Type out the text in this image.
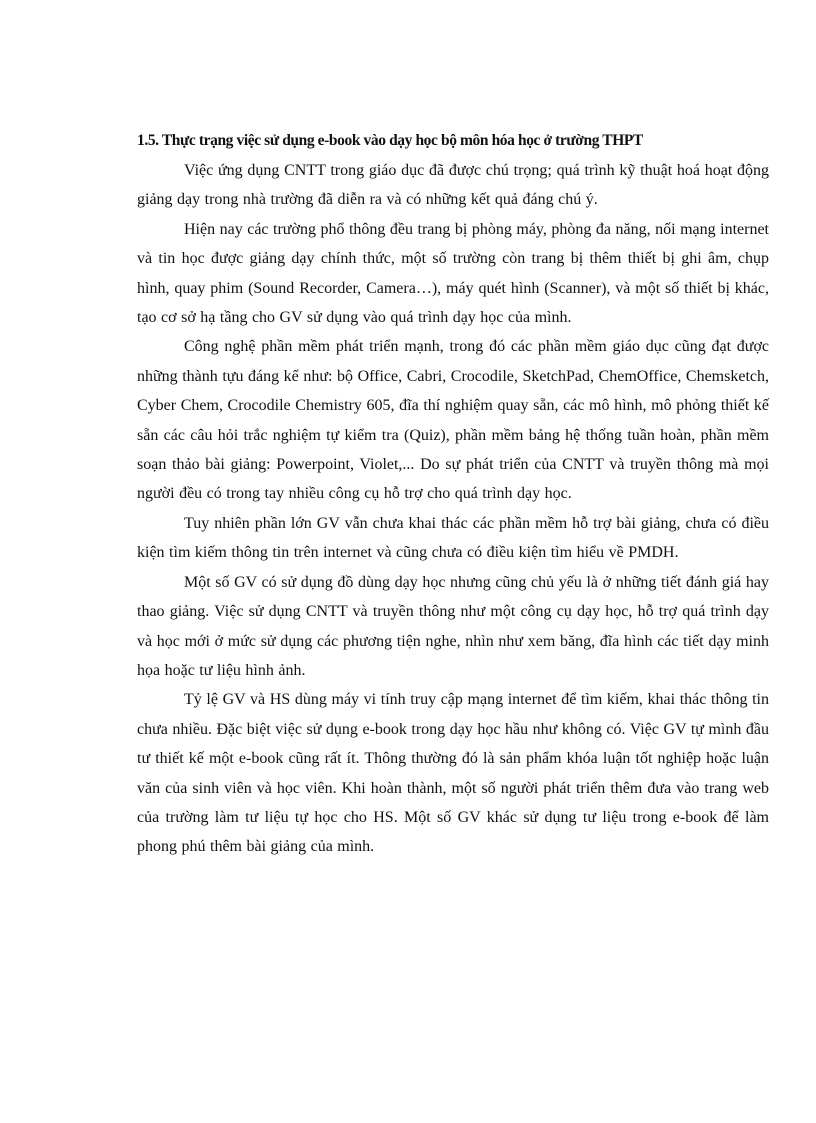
1.5. Thực trạng việc sử dụng e-book vào dạy học bộ môn hóa học ở trường THPT

Việc ứng dụng CNTT trong giáo dục đã được chú trọng; quá trình kỹ thuật hoá hoạt động giảng dạy trong nhà trường đã diễn ra và có những kết quả đáng chú ý.

Hiện nay các trường phổ thông đều trang bị phòng máy, phòng đa năng, nối mạng internet và tin học được giảng dạy chính thức, một số trường còn trang bị thêm thiết bị ghi âm, chụp hình, quay phim (Sound Recorder, Camera…), máy quét hình (Scanner), và một số thiết bị khác, tạo cơ sở hạ tầng cho GV sử dụng vào quá trình dạy học của mình.

Công nghệ phần mềm phát triển mạnh, trong đó các phần mềm giáo dục cũng đạt được những thành tựu đáng kể như: bộ Office, Cabri, Crocodile, SketchPad, ChemOffice, Chemsketch, Cyber Chem, Crocodile Chemistry 605, đĩa thí nghiệm quay sẵn, các mô hình, mô phỏng thiết kế sẵn các câu hỏi trắc nghiệm tự kiểm tra (Quiz), phần mềm bảng hệ thống tuần hoàn, phần mềm soạn thảo bài giảng: Powerpoint, Violet,... Do sự phát triển của CNTT và truyền thông mà mọi người đều có trong tay nhiều công cụ hỗ trợ cho quá trình dạy học.

Tuy nhiên phần lớn GV vẫn chưa khai thác các phần mềm hỗ trợ bài giảng, chưa có điều kiện tìm kiếm thông tin trên internet và cũng chưa có điều kiện tìm hiểu về PMDH.

Một số GV có sử dụng đồ dùng dạy học nhưng cũng chủ yếu là ở những tiết đánh giá hay thao giảng. Việc sử dụng CNTT và truyền thông như một công cụ dạy học, hỗ trợ quá trình dạy và học mới ở mức sử dụng các phương tiện nghe, nhìn như xem băng, đĩa hình các tiết dạy minh họa hoặc tư liệu hình ảnh.

Tỷ lệ GV và HS dùng máy vi tính truy cập mạng internet để tìm kiếm, khai thác thông tin chưa nhiều. Đặc biệt việc sử dụng e-book trong dạy học hầu như không có. Việc GV tự mình đầu tư thiết kế một e-book cũng rất ít. Thông thường đó là sản phẩm khóa luận tốt nghiệp hoặc luận văn của sinh viên và học viên. Khi hoàn thành, một số người phát triển thêm đưa vào trang web của trường làm tư liệu tự học cho HS. Một số GV khác sử dụng tư liệu trong e-book để làm phong phú thêm bài giảng của mình.
